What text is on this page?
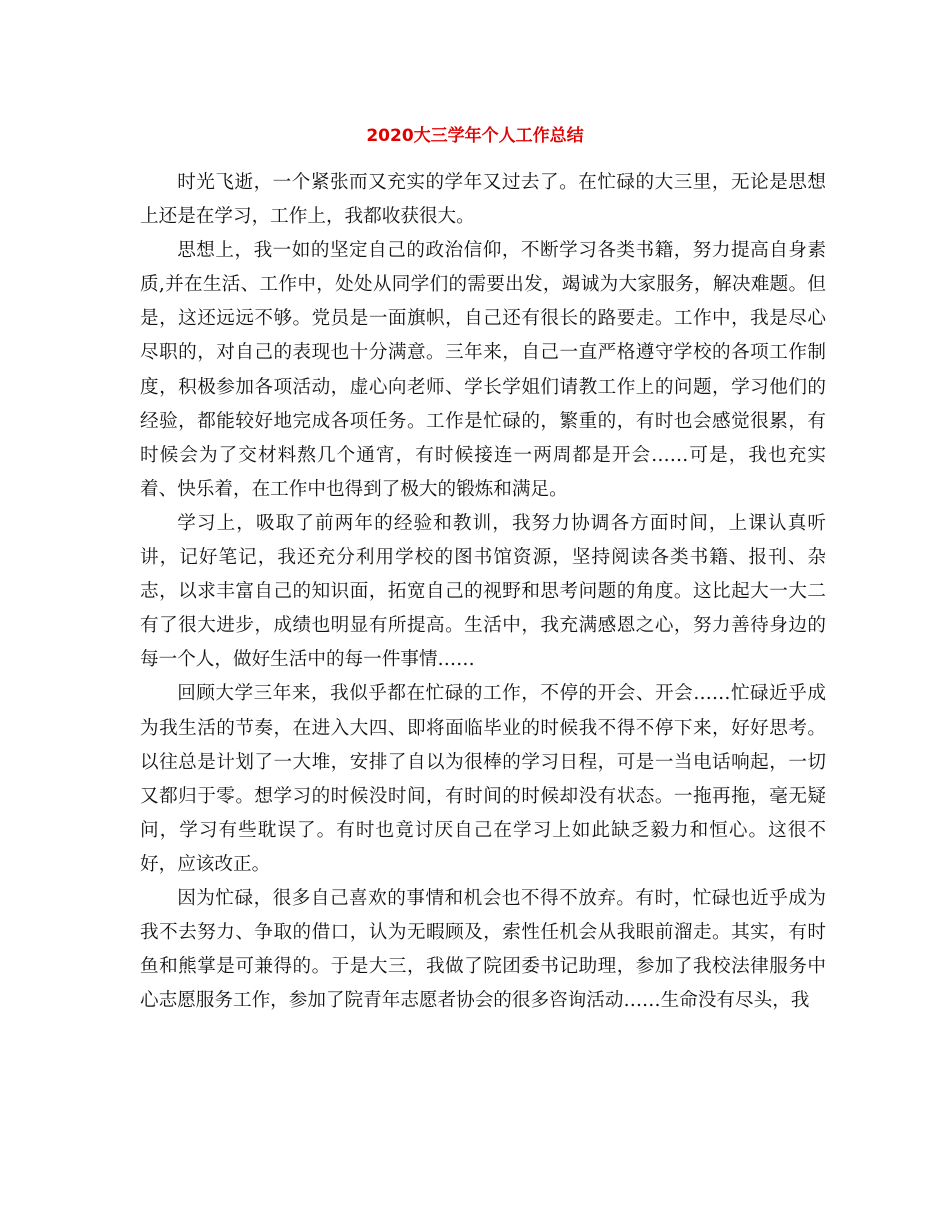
2020大三学年个人工作总结

时光飞逝，一个紧张而又充实的学年又过去了。在忙碌的大三里，无论是思想上还是在学习，工作上，我都收获很大。

思想上，我一如的坚定自己的政治信仰，不断学习各类书籍，努力提高自身素质,并在生活、工作中，处处从同学们的需要出发，竭诚为大家服务，解决难题。但是，这还远远不够。党员是一面旗帜，自己还有很长的路要走。工作中，我是尽心尽职的，对自己的表现也十分满意。三年来，自己一直严格遵守学校的各项工作制度，积极参加各项活动，虚心向老师、学长学姐们请教工作上的问题，学习他们的经验，都能较好地完成各项任务。工作是忙碌的，繁重的，有时也会感觉很累，有时候会为了交材料熬几个通宵，有时候接连一两周都是开会……可是，我也充实着、快乐着，在工作中也得到了极大的锻炼和满足。

学习上，吸取了前两年的经验和教训，我努力协调各方面时间，上课认真听讲，记好笔记，我还充分利用学校的图书馆资源，坚持阅读各类书籍、报刊、杂志，以求丰富自己的知识面，拓宽自己的视野和思考问题的角度。这比起大一大二有了很大进步，成绩也明显有所提高。生活中，我充满感恩之心，努力善待身边的每一个人，做好生活中的每一件事情……

回顾大学三年来，我似乎都在忙碌的工作，不停的开会、开会……忙碌近乎成为我生活的节奏，在进入大四、即将面临毕业的时候我不得不停下来，好好思考。以往总是计划了一大堆，安排了自以为很棒的学习日程，可是一当电话响起，一切又都归于零。想学习的时候没时间，有时间的时候却没有状态。一拖再拖，毫无疑问，学习有些耽误了。有时也竟讨厌自己在学习上如此缺乏毅力和恒心。这很不好，应该改正。

因为忙碌，很多自己喜欢的事情和机会也不得不放弃。有时，忙碌也近乎成为我不去努力、争取的借口，认为无暇顾及，索性任机会从我眼前溜走。其实，有时鱼和熊掌是可兼得的。于是大三，我做了院团委书记助理，参加了我校法律服务中心志愿服务工作，参加了院青年志愿者协会的很多咨询活动……生命没有尽头，我
